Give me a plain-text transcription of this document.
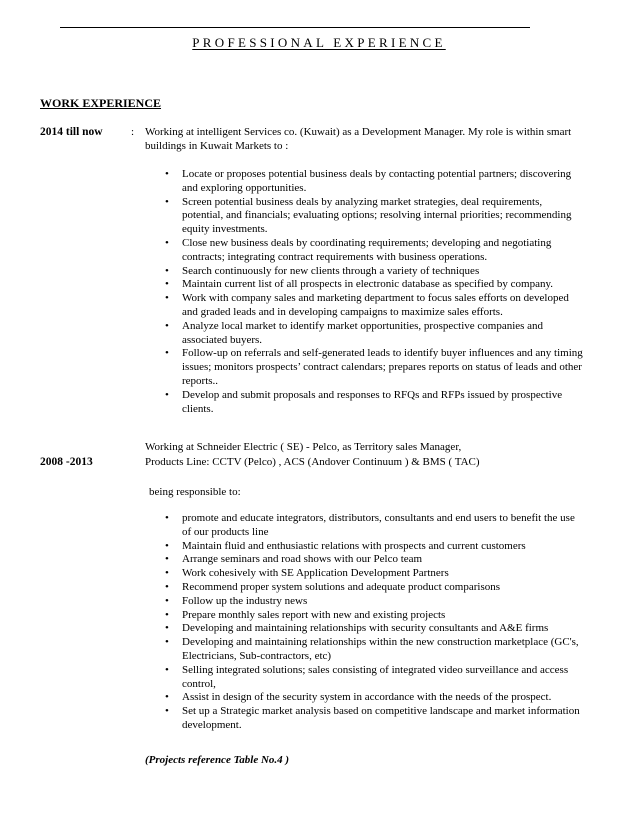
PROFESSIONAL EXPERIENCE
WORK EXPERIENCE
2014 till now	: Working at intelligent Services co. (Kuwait) as a Development Manager. My role is within smart buildings in Kuwait Markets to :
• Locate or proposes potential business deals by contacting potential partners; discovering and exploring opportunities.
• Screen potential business deals by analyzing market strategies, deal requirements, potential, and financials; evaluating options; resolving internal priorities; recommending equity investments.
• Close new business deals by coordinating requirements; developing and negotiating contracts; integrating contract requirements with business operations.
• Search continuously for new clients through a variety of techniques
• Maintain current list of all prospects in electronic database as specified by company.
• Work with company sales and marketing department to focus sales efforts on developed and graded leads and in developing campaigns to maximize sales efforts.
• Analyze local market to identify market opportunities, prospective companies and associated buyers.
• Follow-up on referrals and self-generated leads to identify buyer influences and any timing issues; monitors prospects’ contract calendars; prepares reports on status of leads and other reports..
• Develop and submit proposals and responses to RFQs and RFPs issued by prospective clients.
Working at Schneider Electric ( SE) - Pelco, as Territory sales Manager,
2008 -2013	Products Line: CCTV (Pelco) , ACS (Andover Continuum ) & BMS ( TAC)
being responsible to:
• promote and educate integrators, distributors, consultants and end users to benefit the use of our products line
• Maintain fluid and enthusiastic relations with prospects and current customers
• Arrange seminars and road shows with our Pelco team
• Work cohesively with SE Application Development Partners
• Recommend proper system solutions and adequate product comparisons
• Follow up the industry news
• Prepare monthly sales report with new and existing projects
• Developing and maintaining relationships with security consultants and A&E firms
• Developing and maintaining relationships within the new construction marketplace (GC's, Electricians, Sub-contractors, etc)
• Selling integrated solutions; sales consisting of integrated video surveillance and access control,
• Assist in design of the security system in accordance with the needs of the prospect.
• Set up a Strategic market analysis based on competitive landscape and market information development.
(Projects reference Table No.4 )
